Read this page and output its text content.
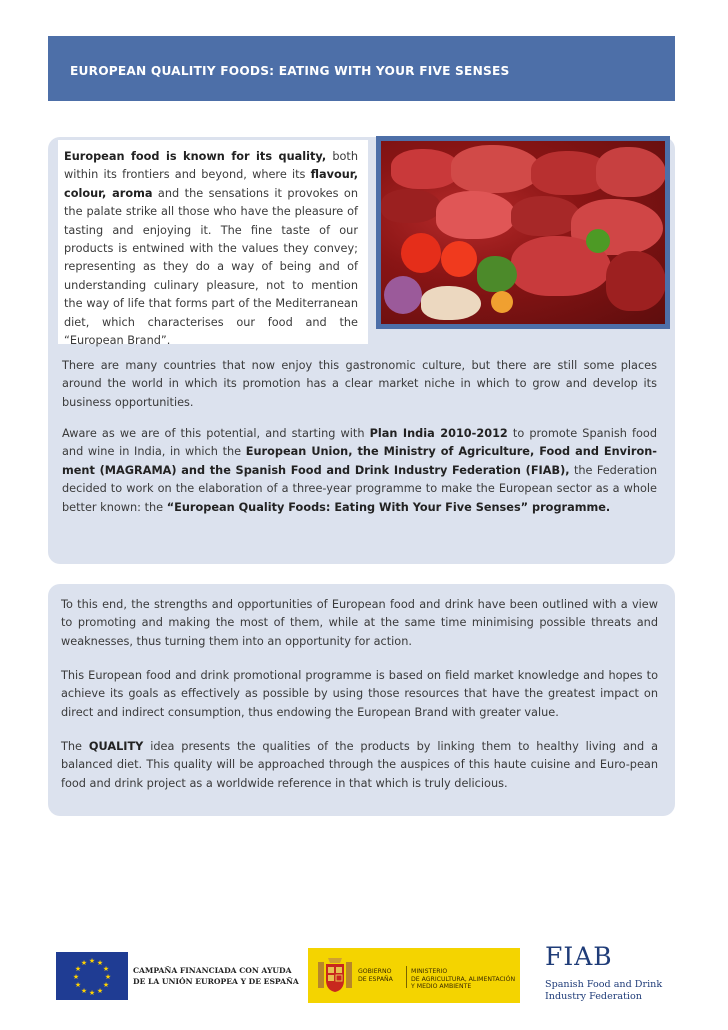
EUROPEAN QUALITIY FOODS: EATING WITH YOUR FIVE SENSES
European food is known for its quality, both within its frontiers and beyond, where its flavour, colour, aroma and the sensations it provokes on the palate strike all those who have the pleasure of tasting and enjoying it. The fine taste of our products is entwined with the values they convey; representing as they do a way of being and of understanding culinary pleasure, not to mention the way of life that forms part of the Mediterranean diet, which characterises our food and the “European Brand”.
There are many countries that now enjoy this gastronomic culture, but there are still some places around the world in which its promotion has a clear market niche in which to grow and develop its business opportunities.
Aware as we are of this potential, and starting with Plan India 2010-2012 to promote Spanish food and wine in India, in which the European Union, the Ministry of Agriculture, Food and Environ-ment (MAGRAMA) and the Spanish Food and Drink Industry Federation (FIAB), the Federation decided to work on the elaboration of a three-year programme to make the European sector as a whole better known: the “European Quality Foods: Eating With Your Five Senses” programme.
To this end, the strengths and opportunities of European food and drink have been outlined with a view to promoting and making the most of them, while at the same time minimising possible threats and weaknesses, thus turning them into an opportunity for action.
This European food and drink promotional programme is based on field market knowledge and hopes to achieve its goals as effectively as possible by using those resources that have the greatest impact on direct and indirect consumption, thus endowing the European Brand with greater value.
The QUALITY idea presents the qualities of the products by linking them to healthy living and a balanced diet. This quality will be approached through the auspices of this haute cuisine and Euro-pean food and drink project as a worldwide reference in that which is truly delicious.
★ ★
★
★
★
★
★
★
★
★
★
★
CAMPAÑA FINANCIADA CON AYUDA
DE LA UNIÓN EUROPEA Y DE ESPAÑA
GOBIERNO
DE ESPAÑA
MINISTERIO
DE AGRICULTURA, ALIMENTACIÓN
Y MEDIO AMBIENTE
FIAB
Spanish Food and Drink
Industry Federation
